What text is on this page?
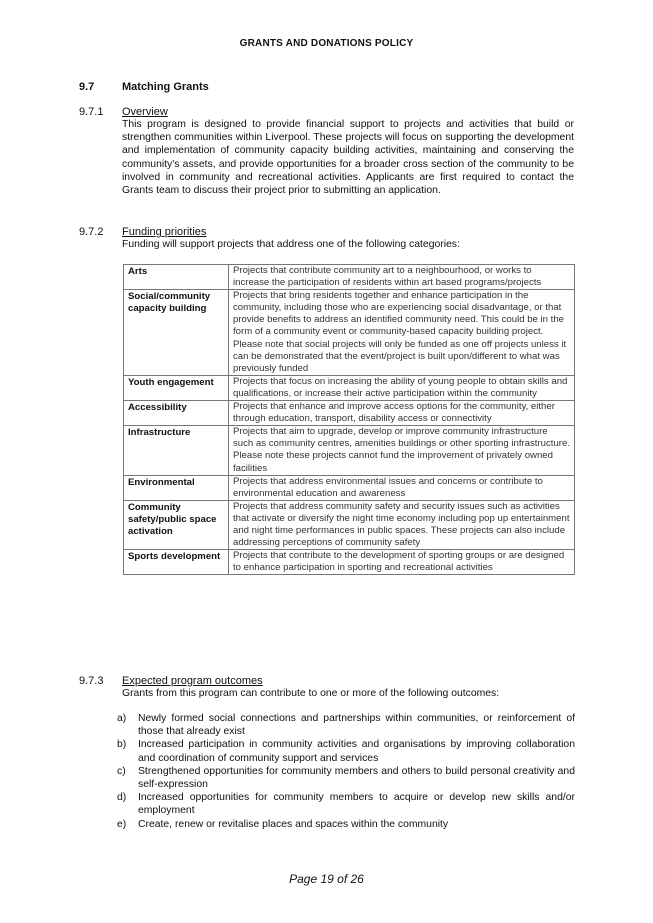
GRANTS AND DONATIONS POLICY
9.7	Matching Grants
9.7.1 Overview
This program is designed to provide financial support to projects and activities that build or strengthen communities within Liverpool. These projects will focus on supporting the development and implementation of community capacity building activities, maintaining and conserving the community's assets, and provide opportunities for a broader cross section of the community to be involved in community and recreational activities. Applicants are first required to contact the Grants team to discuss their project prior to submitting an application.
9.7.2 Funding priorities
Funding will support projects that address one of the following categories:
Arts	Projects that contribute community art to a neighbourhood, or works to increase the participation of residents within art based programs/projects
Social/community capacity building	Projects that bring residents together and enhance participation in the community, including those who are experiencing social disadvantage, or that provide benefits to address an identified community need. This could be in the form of a community event or community-based capacity building project. Please note that social projects will only be funded as one off projects unless it can be demonstrated that the event/project is built upon/different to what was previously funded
Youth engagement	Projects that focus on increasing the ability of young people to obtain skills and qualifications, or increase their active participation within the community
Accessibility	Projects that enhance and improve access options for the community, either through education, transport, disability access or connectivity
Infrastructure	Projects that aim to upgrade, develop or improve community infrastructure such as community centres, amenities buildings or other sporting infrastructure. Please note these projects cannot fund the improvement of privately owned facilities
Environmental	Projects that address environmental issues and concerns or contribute to environmental education and awareness
Community safety/public space activation	Projects that address community safety and security issues such as activities that activate or diversify the night time economy including pop up entertainment and night time performances in public spaces. These projects can also include addressing perceptions of community safety
Sports development	Projects that contribute to the development of sporting groups or are designed to enhance participation in sporting and recreational activities
9.7.3 Expected program outcomes
Grants from this program can contribute to one or more of the following outcomes:
a)	Newly formed social connections and partnerships within communities, or reinforcement of those that already exist
b)	Increased participation in community activities and organisations by improving collaboration and coordination of community support and services
c)	Strengthened opportunities for community members and others to build personal creativity and self-expression
d)	Increased opportunities for community members to acquire or develop new skills and/or employment
e)	Create, renew or revitalise places and spaces within the community
Page 19 of 26
